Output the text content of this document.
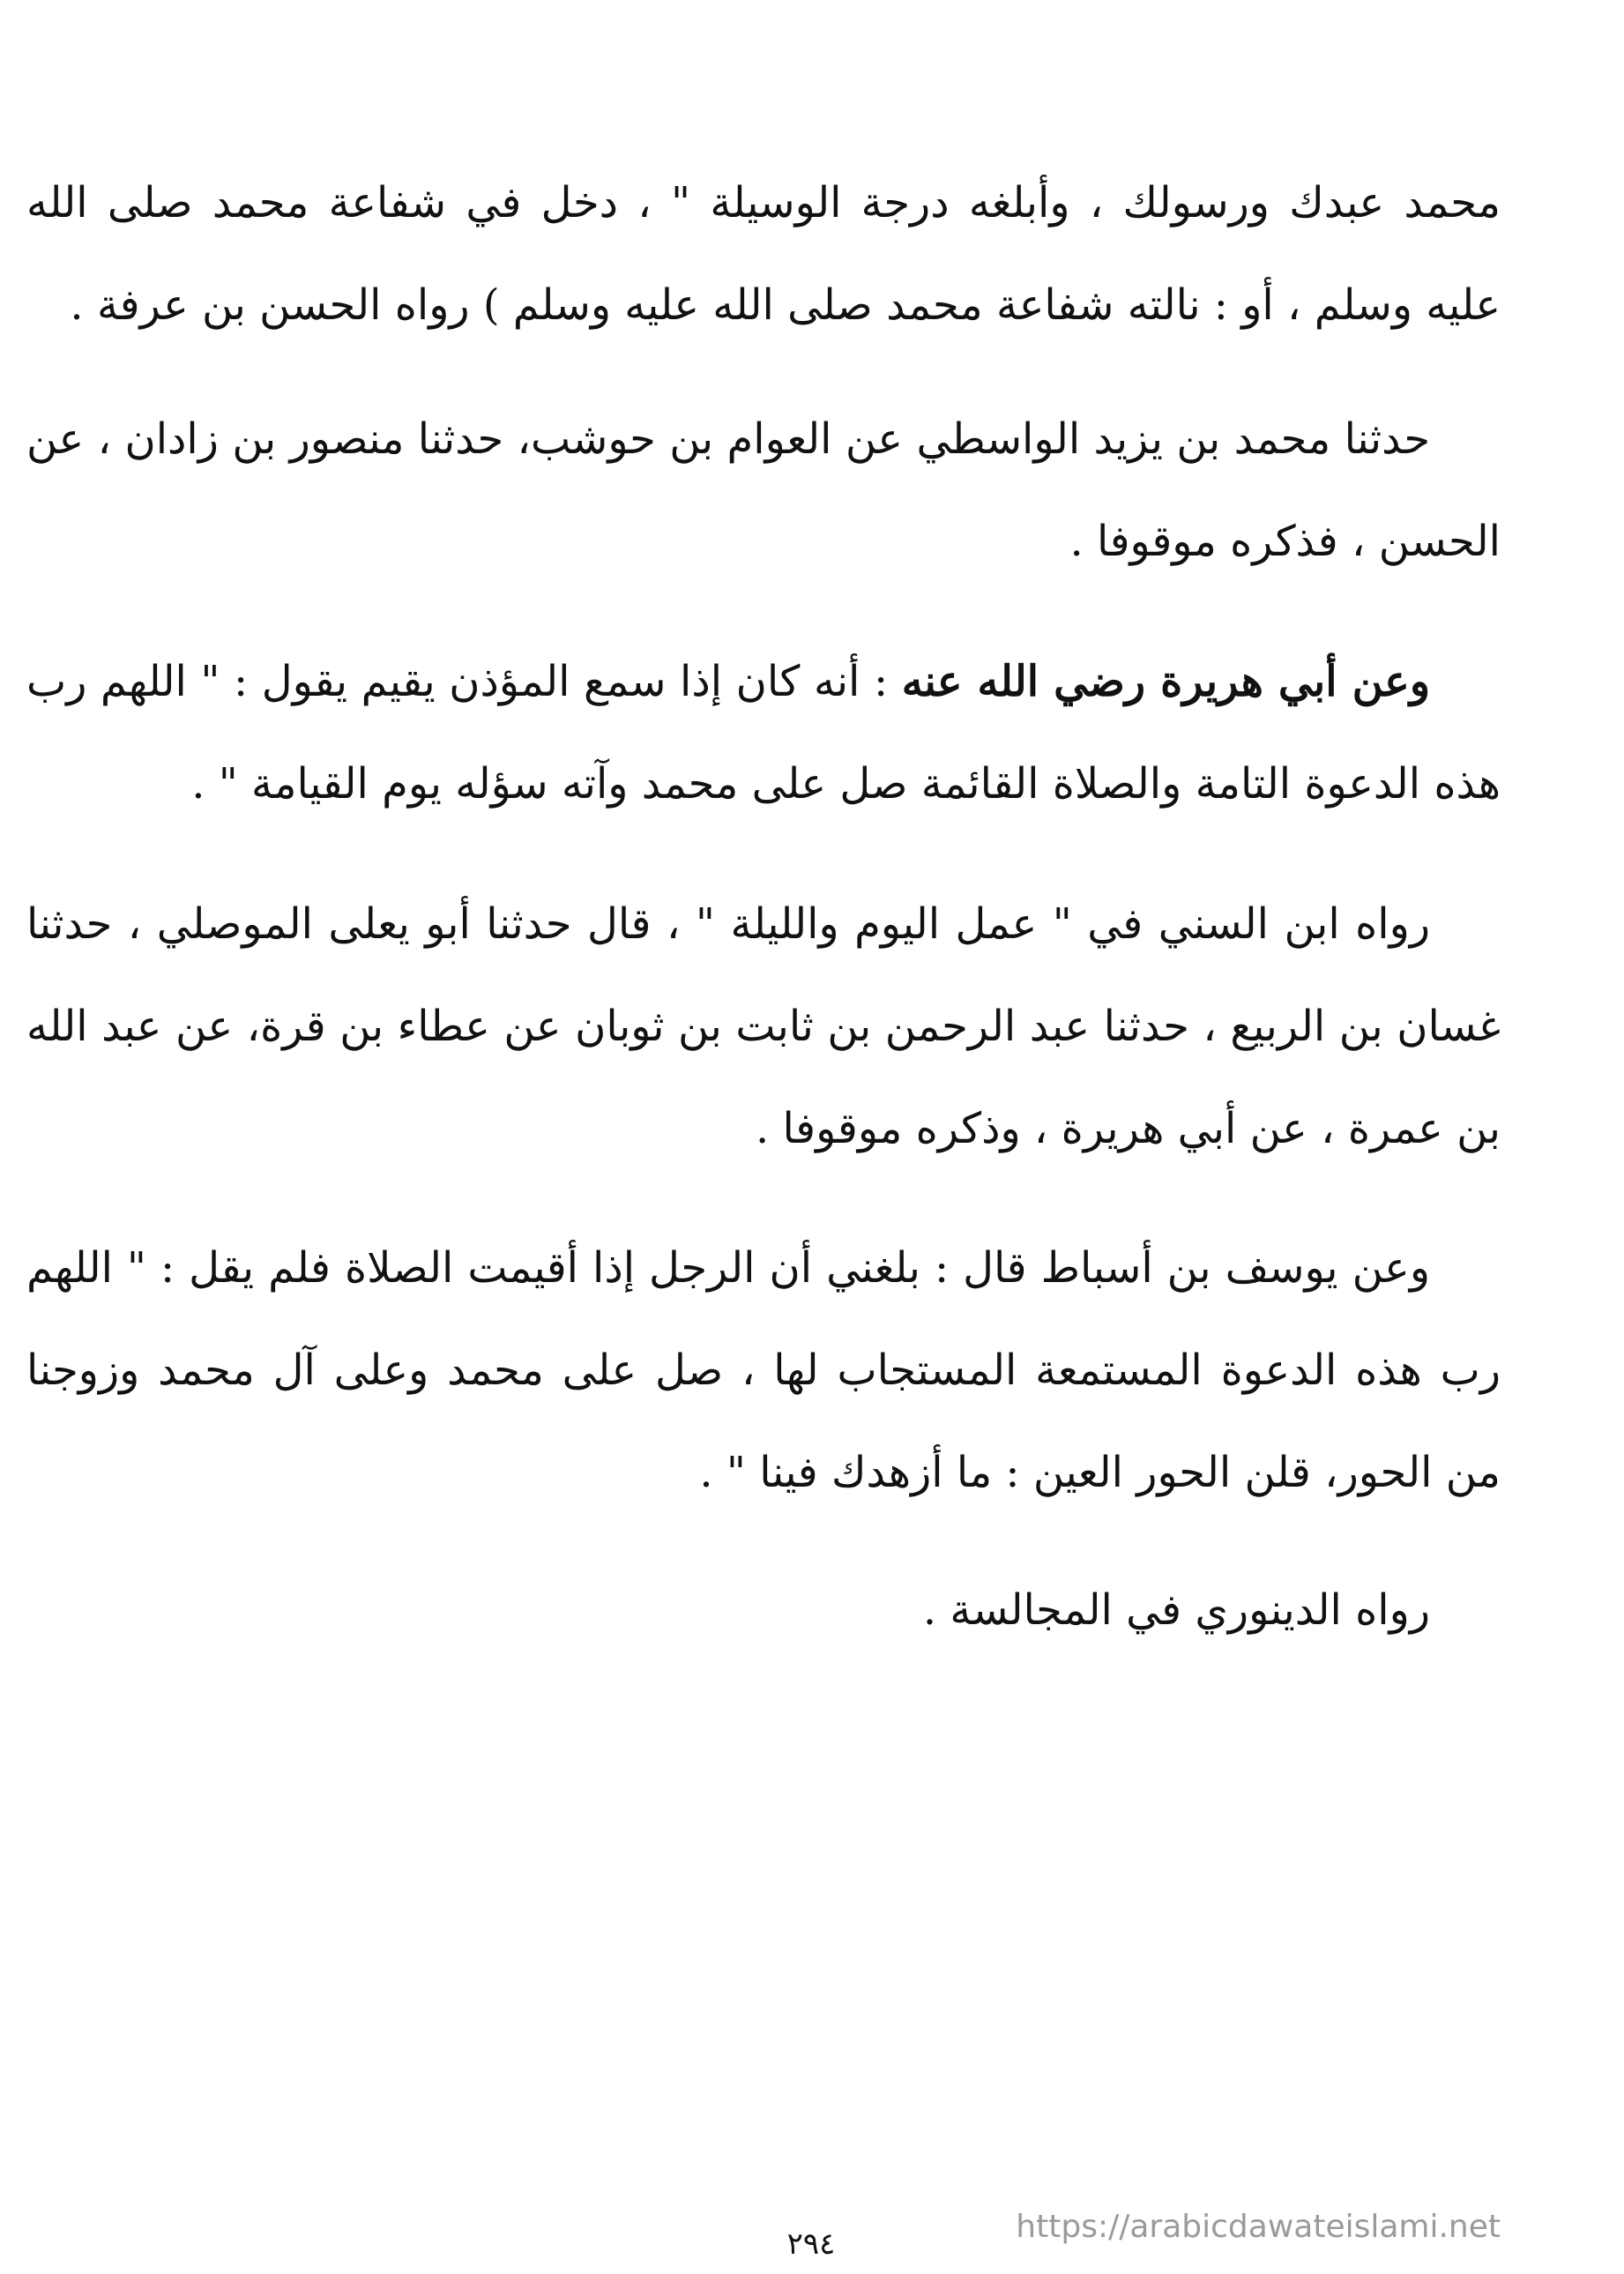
محمد عبدك ورسولك ، وأبلغه درجة الوسيلة " ، دخل في شفاعة محمد صلى الله عليه وسلم ، أو : نالته شفاعة محمد صلى الله عليه وسلم ) رواه الحسن بن عرفة .

حدثنا محمد بن يزيد الواسطي عن العوام بن حوشب، حدثنا منصور بن زادان ، عن الحسن ، فذكره موقوفا .

وعن أبي هريرة رضي الله عنه : أنه كان إذا سمع المؤذن يقيم يقول : " اللهم رب هذه الدعوة التامة والصلاة القائمة صل على محمد وآته سؤله يوم القيامة " .

رواه ابن السني في " عمل اليوم والليلة " ، قال حدثنا أبو يعلى الموصلي ، حدثنا غسان بن الربيع ، حدثنا عبد الرحمن بن ثابت بن ثوبان عن عطاء بن قرة، عن عبد الله بن عمرة ، عن أبي هريرة ، وذكره موقوفا .

وعن يوسف بن أسباط قال : بلغني أن الرجل إذا أقيمت الصلاة فلم يقل : " اللهم رب هذه الدعوة المستمعة المستجاب لها ، صل على محمد وعلى آل محمد وزوجنا من الحور، قلن الحور العين : ما أزهدك فينا " .

رواه الدينوري في المجالسة .

٢٩٤	https://arabicdawateislami.net
